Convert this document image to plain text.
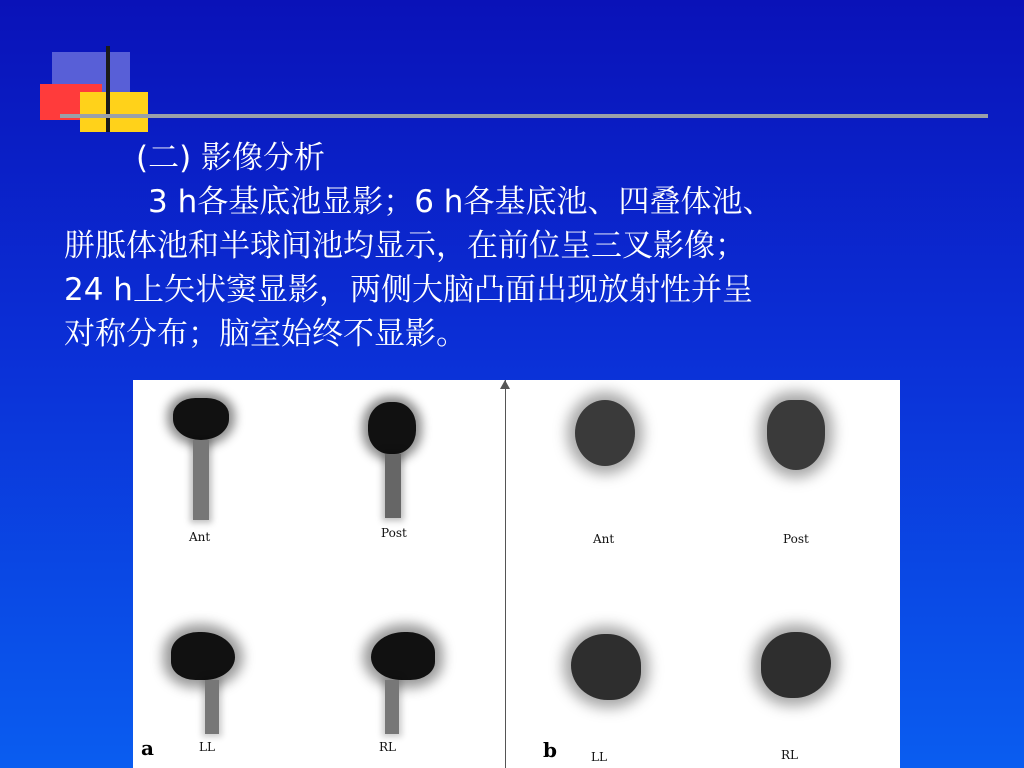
(二) 影像分析
3 h各基底池显影；6 h各基底池、四叠体池、
胼胝体池和半球间池均显示，在前位呈三叉影像；
24 h上矢状窦显影，两侧大脑凸面出现放射性并呈
对称分布；脑室始终不显影。
Ant	Post
LL	RL
a
Ant	Post
LL	RL
b
